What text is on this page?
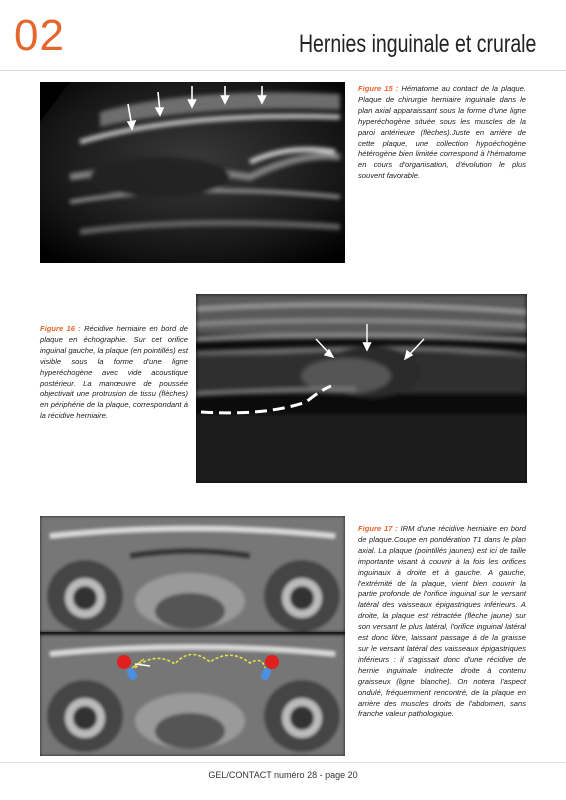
02	Hernies inguinale et crurale
Figure 15 : Hématome au contact de la plaque. Plaque de chirurgie herniaire inguinale dans le plan axial apparaissant sous la forme d'une ligne hyperéchogène située sous les muscles de la paroi antérieure (flèches).Juste en arrière de cette plaque, une collection hypoéchogène hétérogène bien limitée correspond à l'hématome en cours d'organisation, d'évolution le plus souvent favorable.
Figure 16 : Récidive herniaire en bord de plaque en échographie. Sur cet orifice inguinal gauche, la plaque (en pointillés) est visible sous la forme d'une ligne hyperéchogène avec vide acoustique postérieur. La manœuvre de poussée objectivait une protrusion de tissu (flèches) en périphérie de la plaque, correspondant à la récidive herniaire.
Figure 17 : IRM d'une récidive herniaire en bord de plaque.Coupe en pondération T1 dans le plan axial. La plaque (pointillés jaunes) est ici de taille importante visant à couvrir à la fois les orifices inguinaux à droite et à gauche. A gauche, l'extrémité de la plaque, vient bien couvrir la partie profonde de l'orifice inguinal sur le versant latéral des vaisseaux épigastriques inférieurs. A droite, la plaque est rétractée (flèche jaune) sur son versant le plus latéral, l'orifice inguinal latéral est donc libre, laissant passage à de la graisse sur le versant latéral des vaisseaux épigastriques inférieurs : il s'agissait donc d'une récidive de hernie inguinale indirecte droite à contenu graisseux (ligne blanche). On notera l'aspect ondulé, fréquemment rencontré, de la plaque en arrière des muscles droits de l'abdomen, sans franche valeur pathologique.
GEL/CONTACT numéro 28 - page 20
